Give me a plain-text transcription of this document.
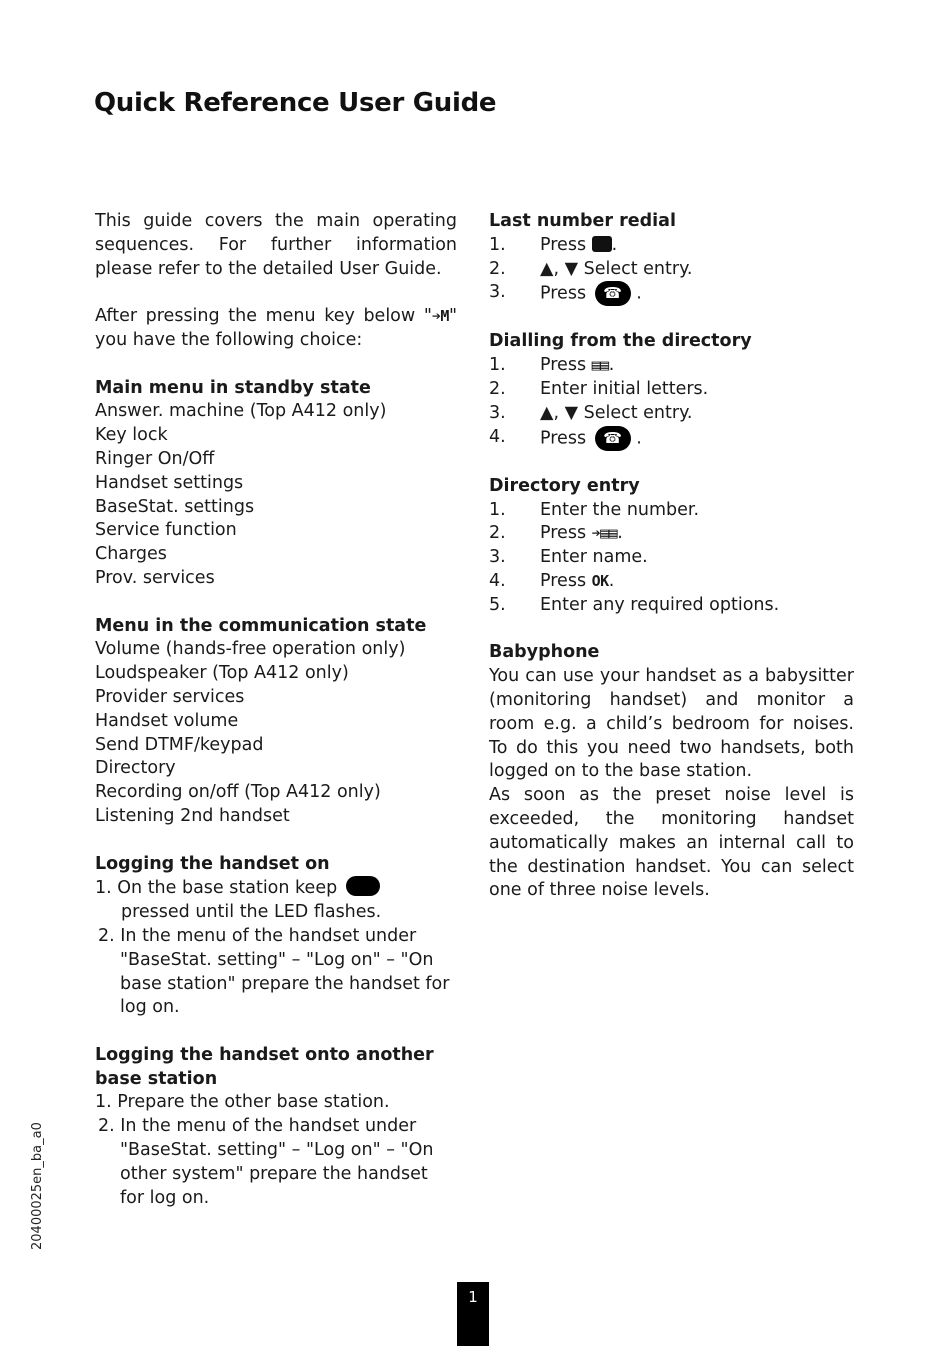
Quick Reference User Guide
This guide covers the main operating sequences. For further information please refer to the detailed User Guide.
After pressing the menu key below "➔M" you have the following choice:
Main menu in standby state
Answer. machine (Top A412 only)
Key lock
Ringer On/Off
Handset settings
BaseStat. settings
Service function
Charges
Prov. services
Menu in the communication state
Volume (hands-free operation only)
Loudspeaker (Top A412 only)
Provider services
Handset volume
Send DTMF/keypad
Directory
Recording on/off (Top A412 only)
Listening 2nd handset
Logging the handset on
1. On the base station keep  pressed until the LED flashes.
2. In the menu of the handset under "BaseStat. setting" – "Log on" – "On base station" prepare the handset for log on.
Logging the handset onto another
base station
1. Prepare the other base station.
2. In the menu of the handset under "BaseStat. setting" – "Log on" – "On other system" prepare the handset for log on.
Last number redial
1.	Press .
2.	▲, ▼ Select entry.
3.	Press ☎ .
Dialling from the directory
1.	Press ▤▤.
2.	Enter initial letters.
3.	▲, ▼ Select entry.
4.	Press ☎ .
Directory entry
1.	Enter the number.
2.	Press ➔▤▤.
3.	Enter name.
4.	Press OK.
5.	Enter any required options.
Babyphone
You can use your handset as a babysitter (monitoring handset) and monitor a room e.g. a child’s bedroom for noises. To do this you need two handsets, both logged on to the base station.
As soon as the preset noise level is exceeded, the monitoring handset automatically makes an internal call to the destination handset. You can select one of three noise levels.
20400025en_ba_a0
1
